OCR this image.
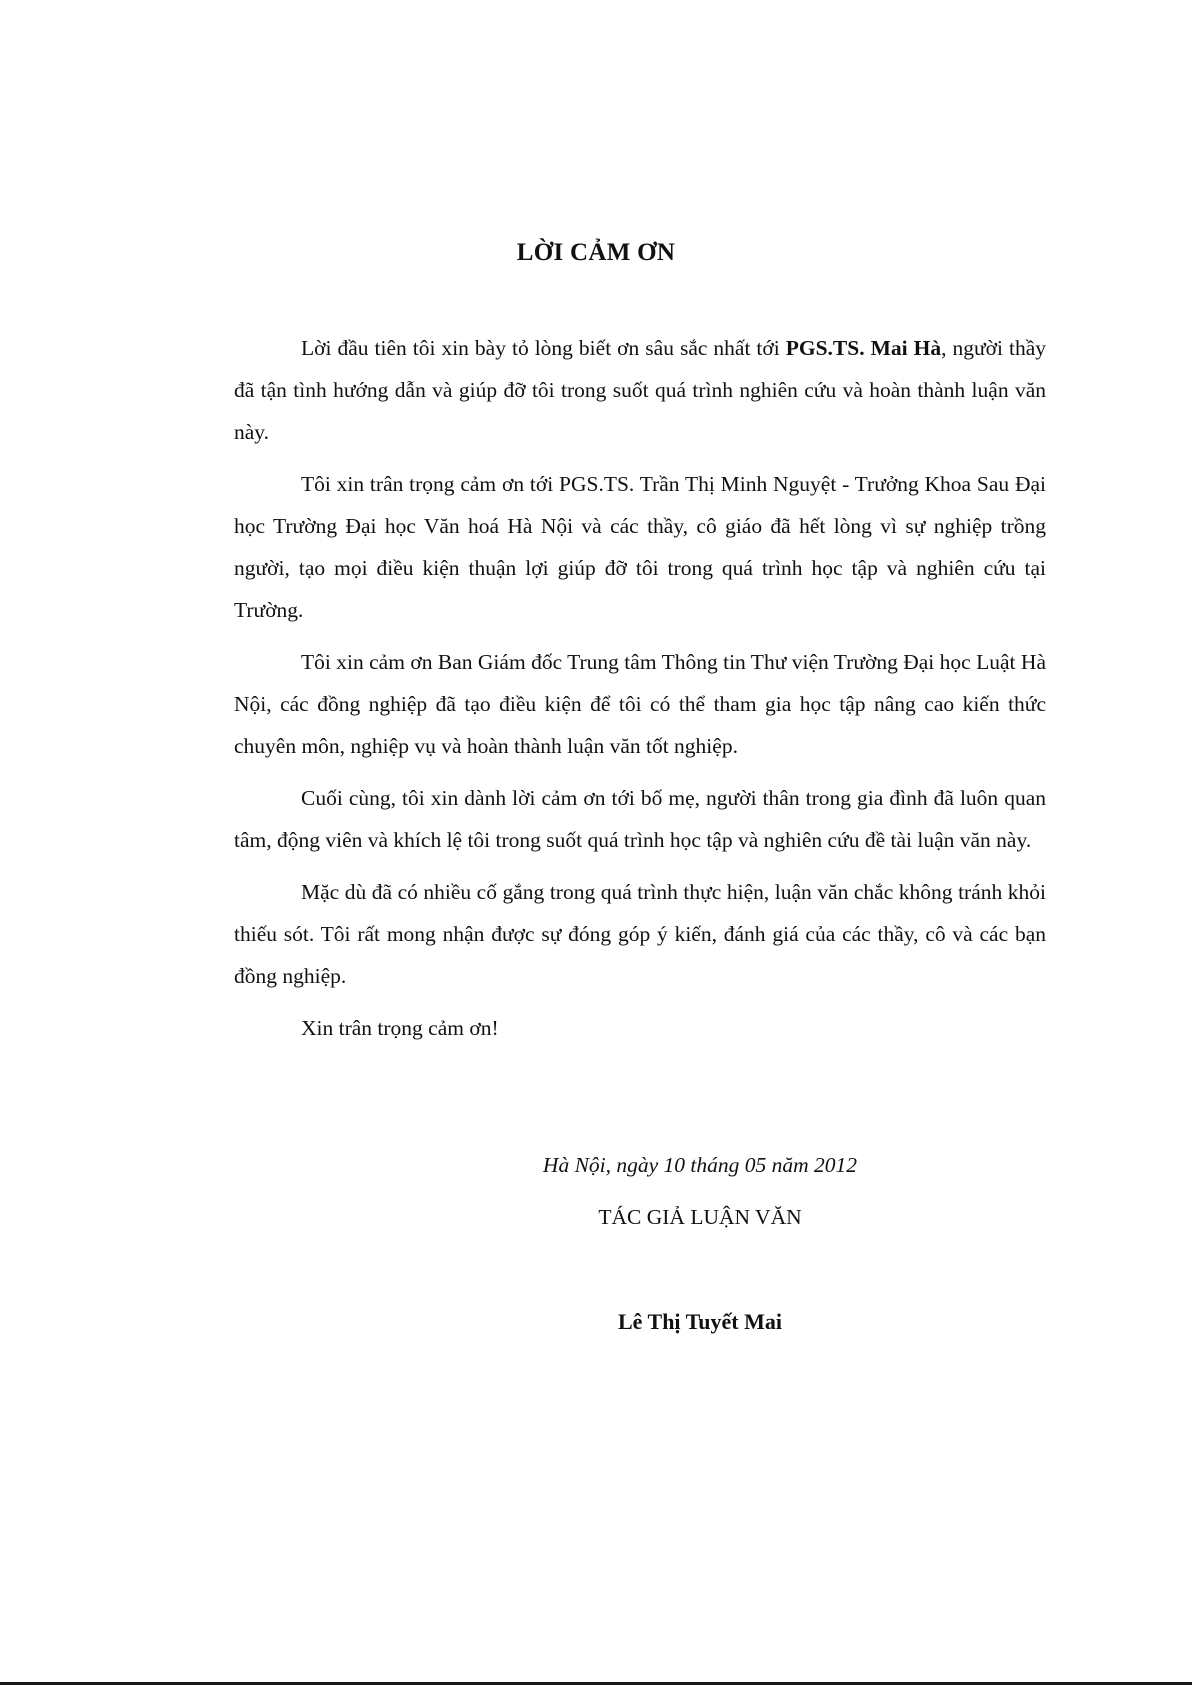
LỜI CẢM ƠN

Lời đầu tiên tôi xin bày tỏ lòng biết ơn sâu sắc nhất tới PGS.TS. Mai Hà, người thầy đã tận tình hướng dẫn và giúp đỡ tôi trong suốt quá trình nghiên cứu và hoàn thành luận văn này.

Tôi xin trân trọng cảm ơn tới PGS.TS. Trần Thị Minh Nguyệt - Trưởng Khoa Sau Đại học Trường Đại học Văn hoá Hà Nội và các thầy, cô giáo đã hết lòng vì sự nghiệp trồng người, tạo mọi điều kiện thuận lợi giúp đỡ tôi trong quá trình học tập và nghiên cứu tại Trường.

Tôi xin cảm ơn Ban Giám đốc Trung tâm Thông tin Thư viện Trường Đại học Luật Hà Nội, các đồng nghiệp đã tạo điều kiện để tôi có thể tham gia học tập nâng cao kiến thức chuyên môn, nghiệp vụ và hoàn thành luận văn tốt nghiệp.

Cuối cùng, tôi xin dành lời cảm ơn tới bố mẹ, người thân trong gia đình đã luôn quan tâm, động viên và khích lệ tôi trong suốt quá trình học tập và nghiên cứu đề tài luận văn này.

Mặc dù đã có nhiều cố gắng trong quá trình thực hiện, luận văn chắc không tránh khỏi thiếu sót. Tôi rất mong nhận được sự đóng góp ý kiến, đánh giá của các thầy, cô và các bạn đồng nghiệp.

Xin trân trọng cảm ơn!

Hà Nội, ngày 10 tháng 05 năm 2012
TÁC GIẢ LUẬN VĂN
Lê Thị Tuyết Mai
